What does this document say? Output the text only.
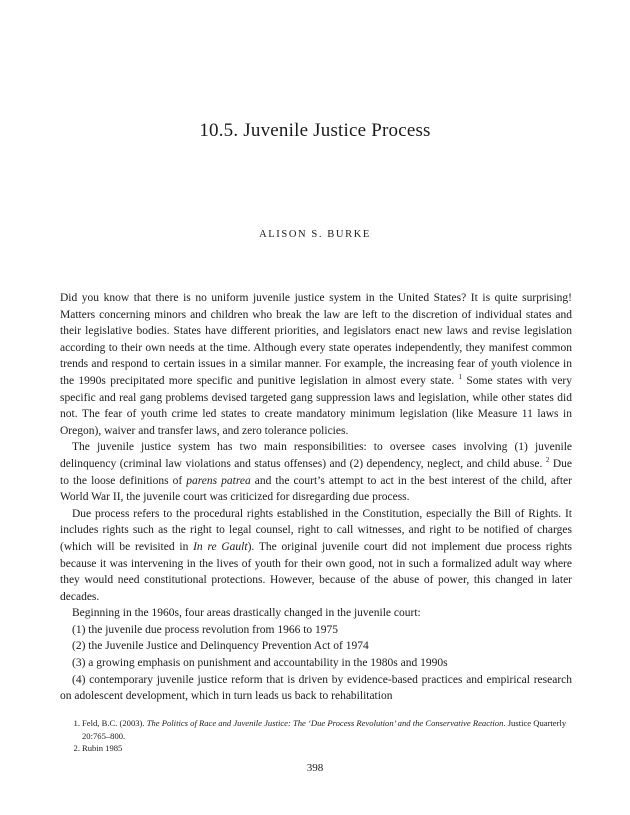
10.5. Juvenile Justice Process
ALISON S. BURKE

Did you know that there is no uniform juvenile justice system in the United States? It is quite surprising! Matters concerning minors and children who break the law are left to the discretion of individual states and their legislative bodies. States have different priorities, and legislators enact new laws and revise legislation according to their own needs at the time. Although every state operates independently, they manifest common trends and respond to certain issues in a similar manner. For example, the increasing fear of youth violence in the 1990s precipitated more specific and punitive legislation in almost every state. $^1$ Some states with very specific and real gang problems devised targeted gang suppression laws and legislation, while other states did not. The fear of youth crime led states to create mandatory minimum legislation (like Measure 11 laws in Oregon), waiver and transfer laws, and zero tolerance policies.

The juvenile justice system has two main responsibilities: to oversee cases involving (1) juvenile delinquency (criminal law violations and status offenses) and (2) dependency, neglect, and child abuse. $^2$ Due to the loose definitions of parens patrea and the court’s attempt to act in the best interest of the child, after World War II, the juvenile court was criticized for disregarding due process.

Due process refers to the procedural rights established in the Constitution, especially the Bill of Rights. It includes rights such as the right to legal counsel, right to call witnesses, and right to be notified of charges (which will be revisited in In re Gault). The original juvenile court did not implement due process rights because it was intervening in the lives of youth for their own good, not in such a formalized adult way where they would need constitutional protections. However, because of the abuse of power, this changed in later decades.

Beginning in the 1960s, four areas drastically changed in the juvenile court:

(1) the juvenile due process revolution from 1966 to 1975

(2) the Juvenile Justice and Delinquency Prevention Act of 1974

(3) a growing emphasis on punishment and accountability in the 1980s and 1990s

(4) contemporary juvenile justice reform that is driven by evidence-based practices and empirical research on adolescent development, which in turn leads us back to rehabilitation

1. Feld, B.C. (2003). The Politics of Race and Juvenile Justice: The ‘Due Process Revolution’ and the Conservative Reaction. Justice Quarterly 20:765–800.
2. Rubin 1985
398
